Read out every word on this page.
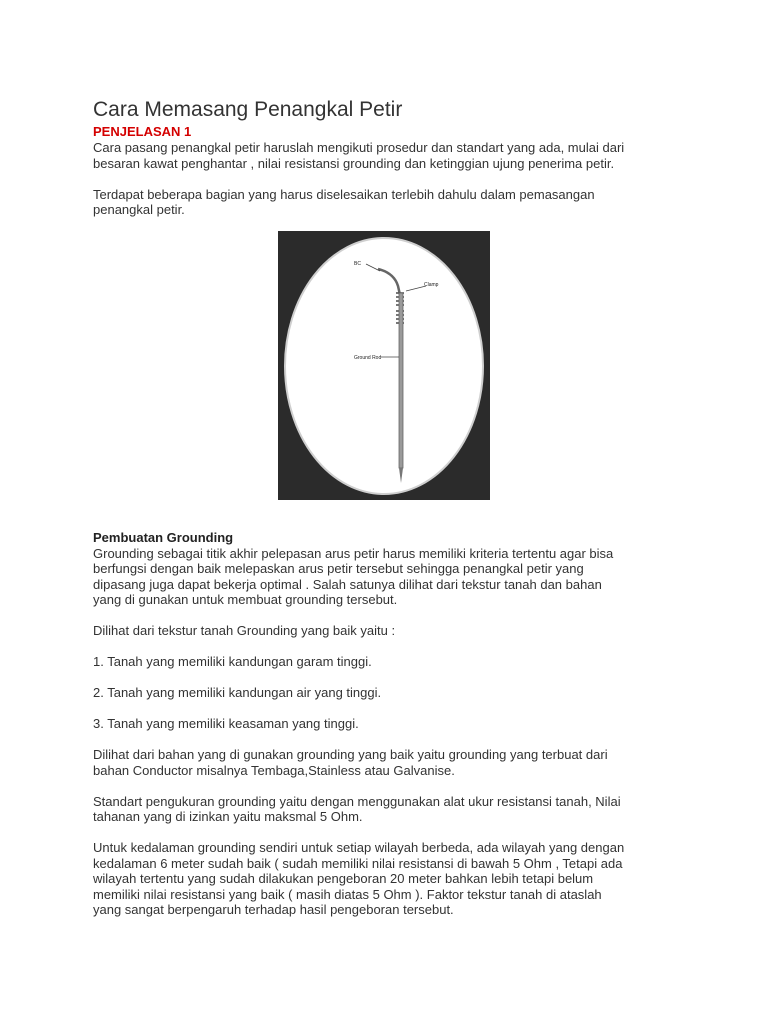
Cara Memasang Penangkal Petir
PENJELASAN 1

Cara pasang penangkal petir haruslah mengikuti prosedur dan standart yang ada, mulai dari

besaran kawat penghantar , nilai resistansi grounding dan ketinggian ujung penerima petir.

Terdapat beberapa bagian yang harus diselesaikan terlebih dahulu dalam pemasangan

penangkal petir.

BC
Clamp
Ground Rod
Pembuatan Grounding

Grounding sebagai titik akhir pelepasan arus petir harus memiliki kriteria tertentu agar bisa

berfungsi dengan baik melepaskan arus petir tersebut sehingga penangkal petir yang

dipasang juga dapat bekerja optimal . Salah satunya dilihat dari tekstur tanah dan bahan

yang di gunakan untuk membuat grounding tersebut.

Dilihat dari tekstur tanah Grounding yang baik yaitu :

1. Tanah yang memiliki kandungan garam tinggi.

2. Tanah yang memiliki kandungan air yang tinggi.

3. Tanah yang memiliki keasaman yang tinggi.

Dilihat dari bahan yang di gunakan grounding yang baik yaitu grounding yang terbuat dari

bahan Conductor misalnya Tembaga,Stainless atau Galvanise.

Standart pengukuran grounding yaitu dengan menggunakan alat ukur resistansi tanah, Nilai

tahanan yang di izinkan yaitu maksmal 5 Ohm.

Untuk kedalaman grounding sendiri untuk setiap wilayah berbeda, ada wilayah yang dengan

kedalaman 6 meter sudah baik ( sudah memiliki nilai resistansi di bawah 5 Ohm , Tetapi ada

wilayah tertentu yang sudah dilakukan pengeboran 20 meter bahkan lebih tetapi belum

memiliki nilai resistansi yang baik ( masih diatas 5 Ohm ). Faktor tekstur tanah di ataslah

yang sangat berpengaruh terhadap hasil pengeboran tersebut.
